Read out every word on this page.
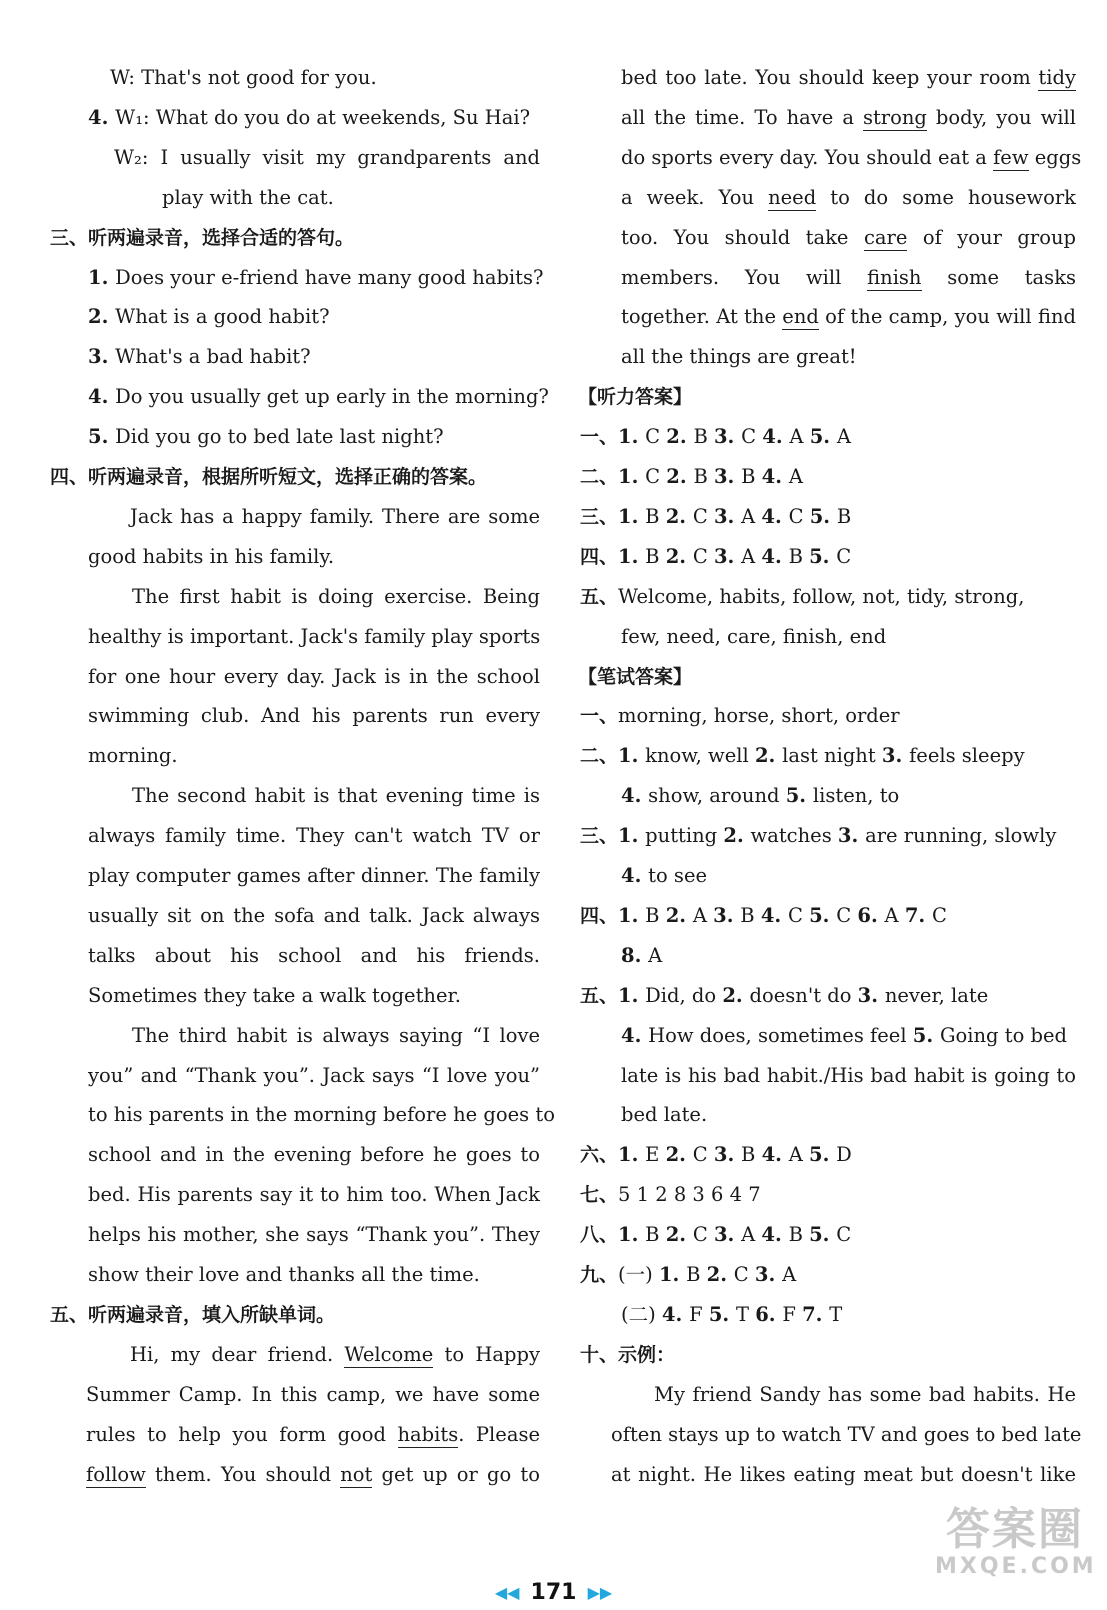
W: That's not good for you.
4. W₁: What do you do at weekends, Su Hai?
W₂: I usually visit my grandparents and
play with the cat.
三、听两遍录音，选择合适的答句。
1. Does your e-friend have many good habits?
2. What is a good habit?
3. What's a bad habit?
4. Do you usually get up early in the morning?
5. Did you go to bed late last night?
四、听两遍录音，根据所听短文，选择正确的答案。
Jack has a happy family. There are some
good habits in his family.
The first habit is doing exercise. Being
healthy is important. Jack's family play sports
for one hour every day. Jack is in the school
swimming club. And his parents run every
morning.
The second habit is that evening time is
always family time. They can't watch TV or
play computer games after dinner. The family
usually sit on the sofa and talk. Jack always
talks about his school and his friends.
Sometimes they take a walk together.
The third habit is always saying “I love
you” and “Thank you”. Jack says “I love you”
to his parents in the morning before he goes to
school and in the evening before he goes to
bed. His parents say it to him too. When Jack
helps his mother, she says “Thank you”. They
show their love and thanks all the time.
五、听两遍录音，填入所缺单词。
Hi, my dear friend. Welcome to Happy
Summer Camp. In this camp, we have some
rules to help you form good habits. Please
follow them. You should not get up or go to
bed too late. You should keep your room tidy
all the time. To have a strong body, you will
do sports every day. You should eat a few eggs
a week. You need to do some housework
too. You should take care of your group
members. You will finish some tasks
together. At the end of the camp, you will find
all the things are great!
【听力答案】
一、1. C 2. B 3. C 4. A 5. A
二、1. C 2. B 3. B 4. A
三、1. B 2. C 3. A 4. C 5. B
四、1. B 2. C 3. A 4. B 5. C
五、Welcome, habits, follow, not, tidy, strong,
few, need, care, finish, end
【笔试答案】
一、morning, horse, short, order
二、1. know, well 2. last night 3. feels sleepy
4. show, around 5. listen, to
三、1. putting 2. watches 3. are running, slowly
4. to see
四、1. B 2. A 3. B 4. C 5. C 6. A 7. C
8. A
五、1. Did, do 2. doesn't do 3. never, late
4. How does, sometimes feel 5. Going to bed
late is his bad habit./His bad habit is going to
bed late.
六、1. E 2. C 3. B 4. A 5. D
七、5 1 2 8 3 6 4 7
八、1. B 2. C 3. A 4. B 5. C
九、(一) 1. B 2. C 3. A
(二) 4. F 5. T 6. F 7. T
十、示例：
My friend Sandy has some bad habits. He
often stays up to watch TV and goes to bed late
at night. He likes eating meat but doesn't like
◀◀ 171 ▶▶
答案圈
MXQE.COM
